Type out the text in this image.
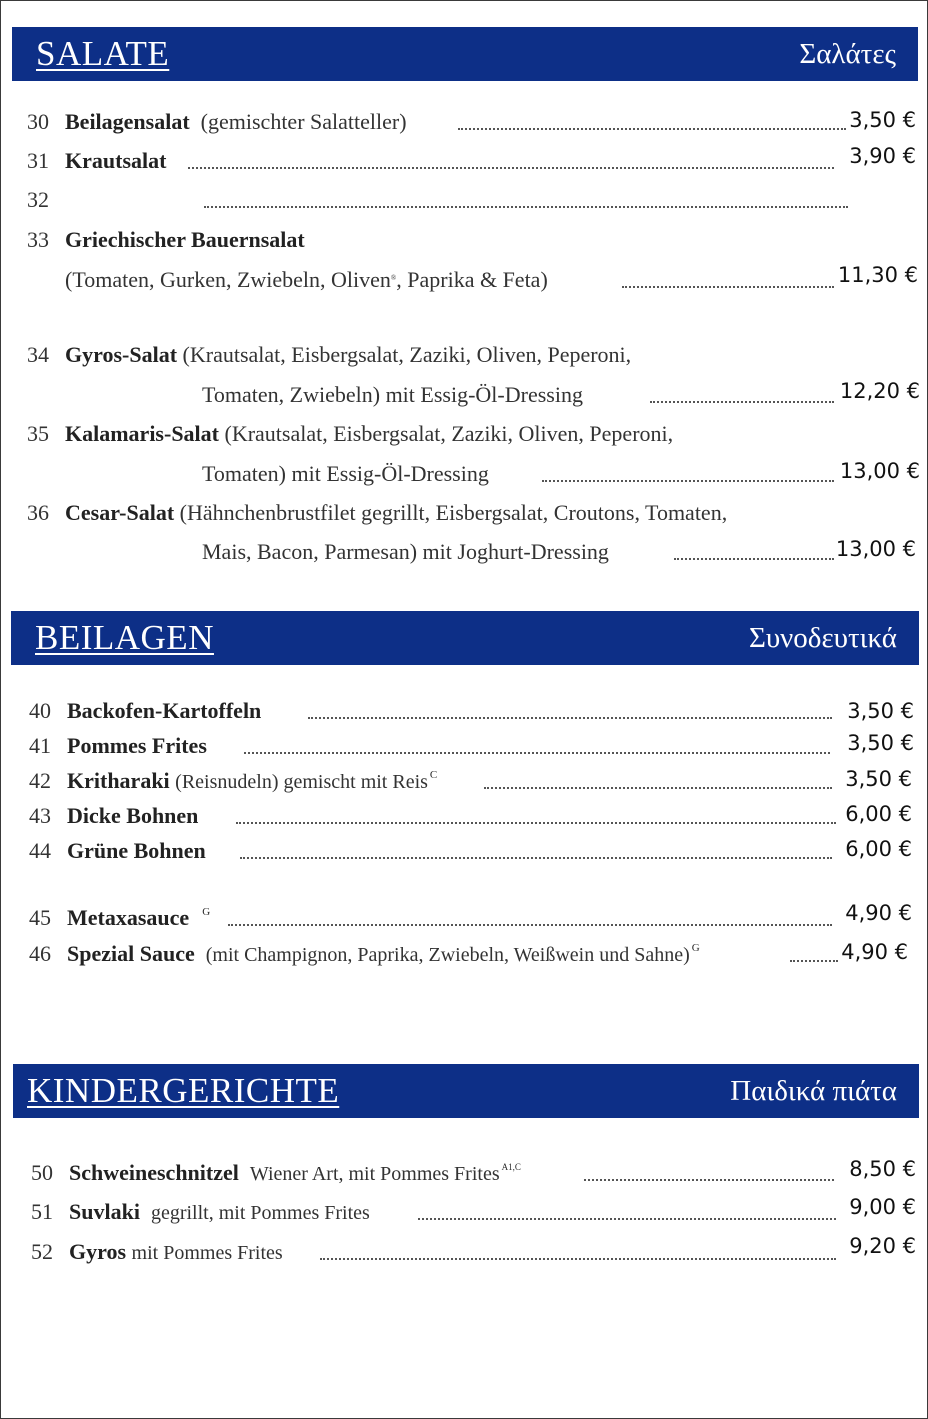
SALATE	Σαλάτες
30 Beilagensalat (gemischter Salatteller)	3,50 €
31 Krautsalat	3,90 €
32
33 Griechischer Bauernsalat
(Tomaten, Gurken, Zwiebeln, Oliven®, Paprika & Feta)	11,30 €
34 Gyros-Salat (Krautsalat, Eisbergsalat, Zaziki, Oliven, Peperoni,
Tomaten, Zwiebeln) mit Essig-Öl-Dressing	12,20 €
35 Kalamaris-Salat (Krautsalat, Eisbergsalat, Zaziki, Oliven, Peperoni,
Tomaten) mit Essig-Öl-Dressing	13,00 €
36 Cesar-Salat (Hähnchenbrustfilet gegrillt, Eisbergsalat, Croutons, Tomaten,
Mais, Bacon, Parmesan) mit Joghurt-Dressing	13,00 €
BEILAGEN	Συνοδευτικά
40 Backofen-Kartoffeln	3,50 €
41 Pommes Frites	3,50 €
42 Kritharaki (Reisnudeln) gemischt mit Reis $^C$	3,50 €
43 Dicke Bohnen	6,00 €
44 Grüne Bohnen	6,00 €
45 Metaxasauce $^G$	4,90 €
46 Spezial Sauce (mit Champignon, Paprika, Zwiebeln, Weißwein und Sahne) $^G$	4,90 €
KINDERGERICHTE	Παιδικά πιάτα
50 Schweineschnitzel Wiener Art, mit Pommes Frites $^{A1,C}$	8,50 €
51 Suvlaki gegrillt, mit Pommes Frites	9,00 €
52 Gyros mit Pommes Frites	9,20 €
